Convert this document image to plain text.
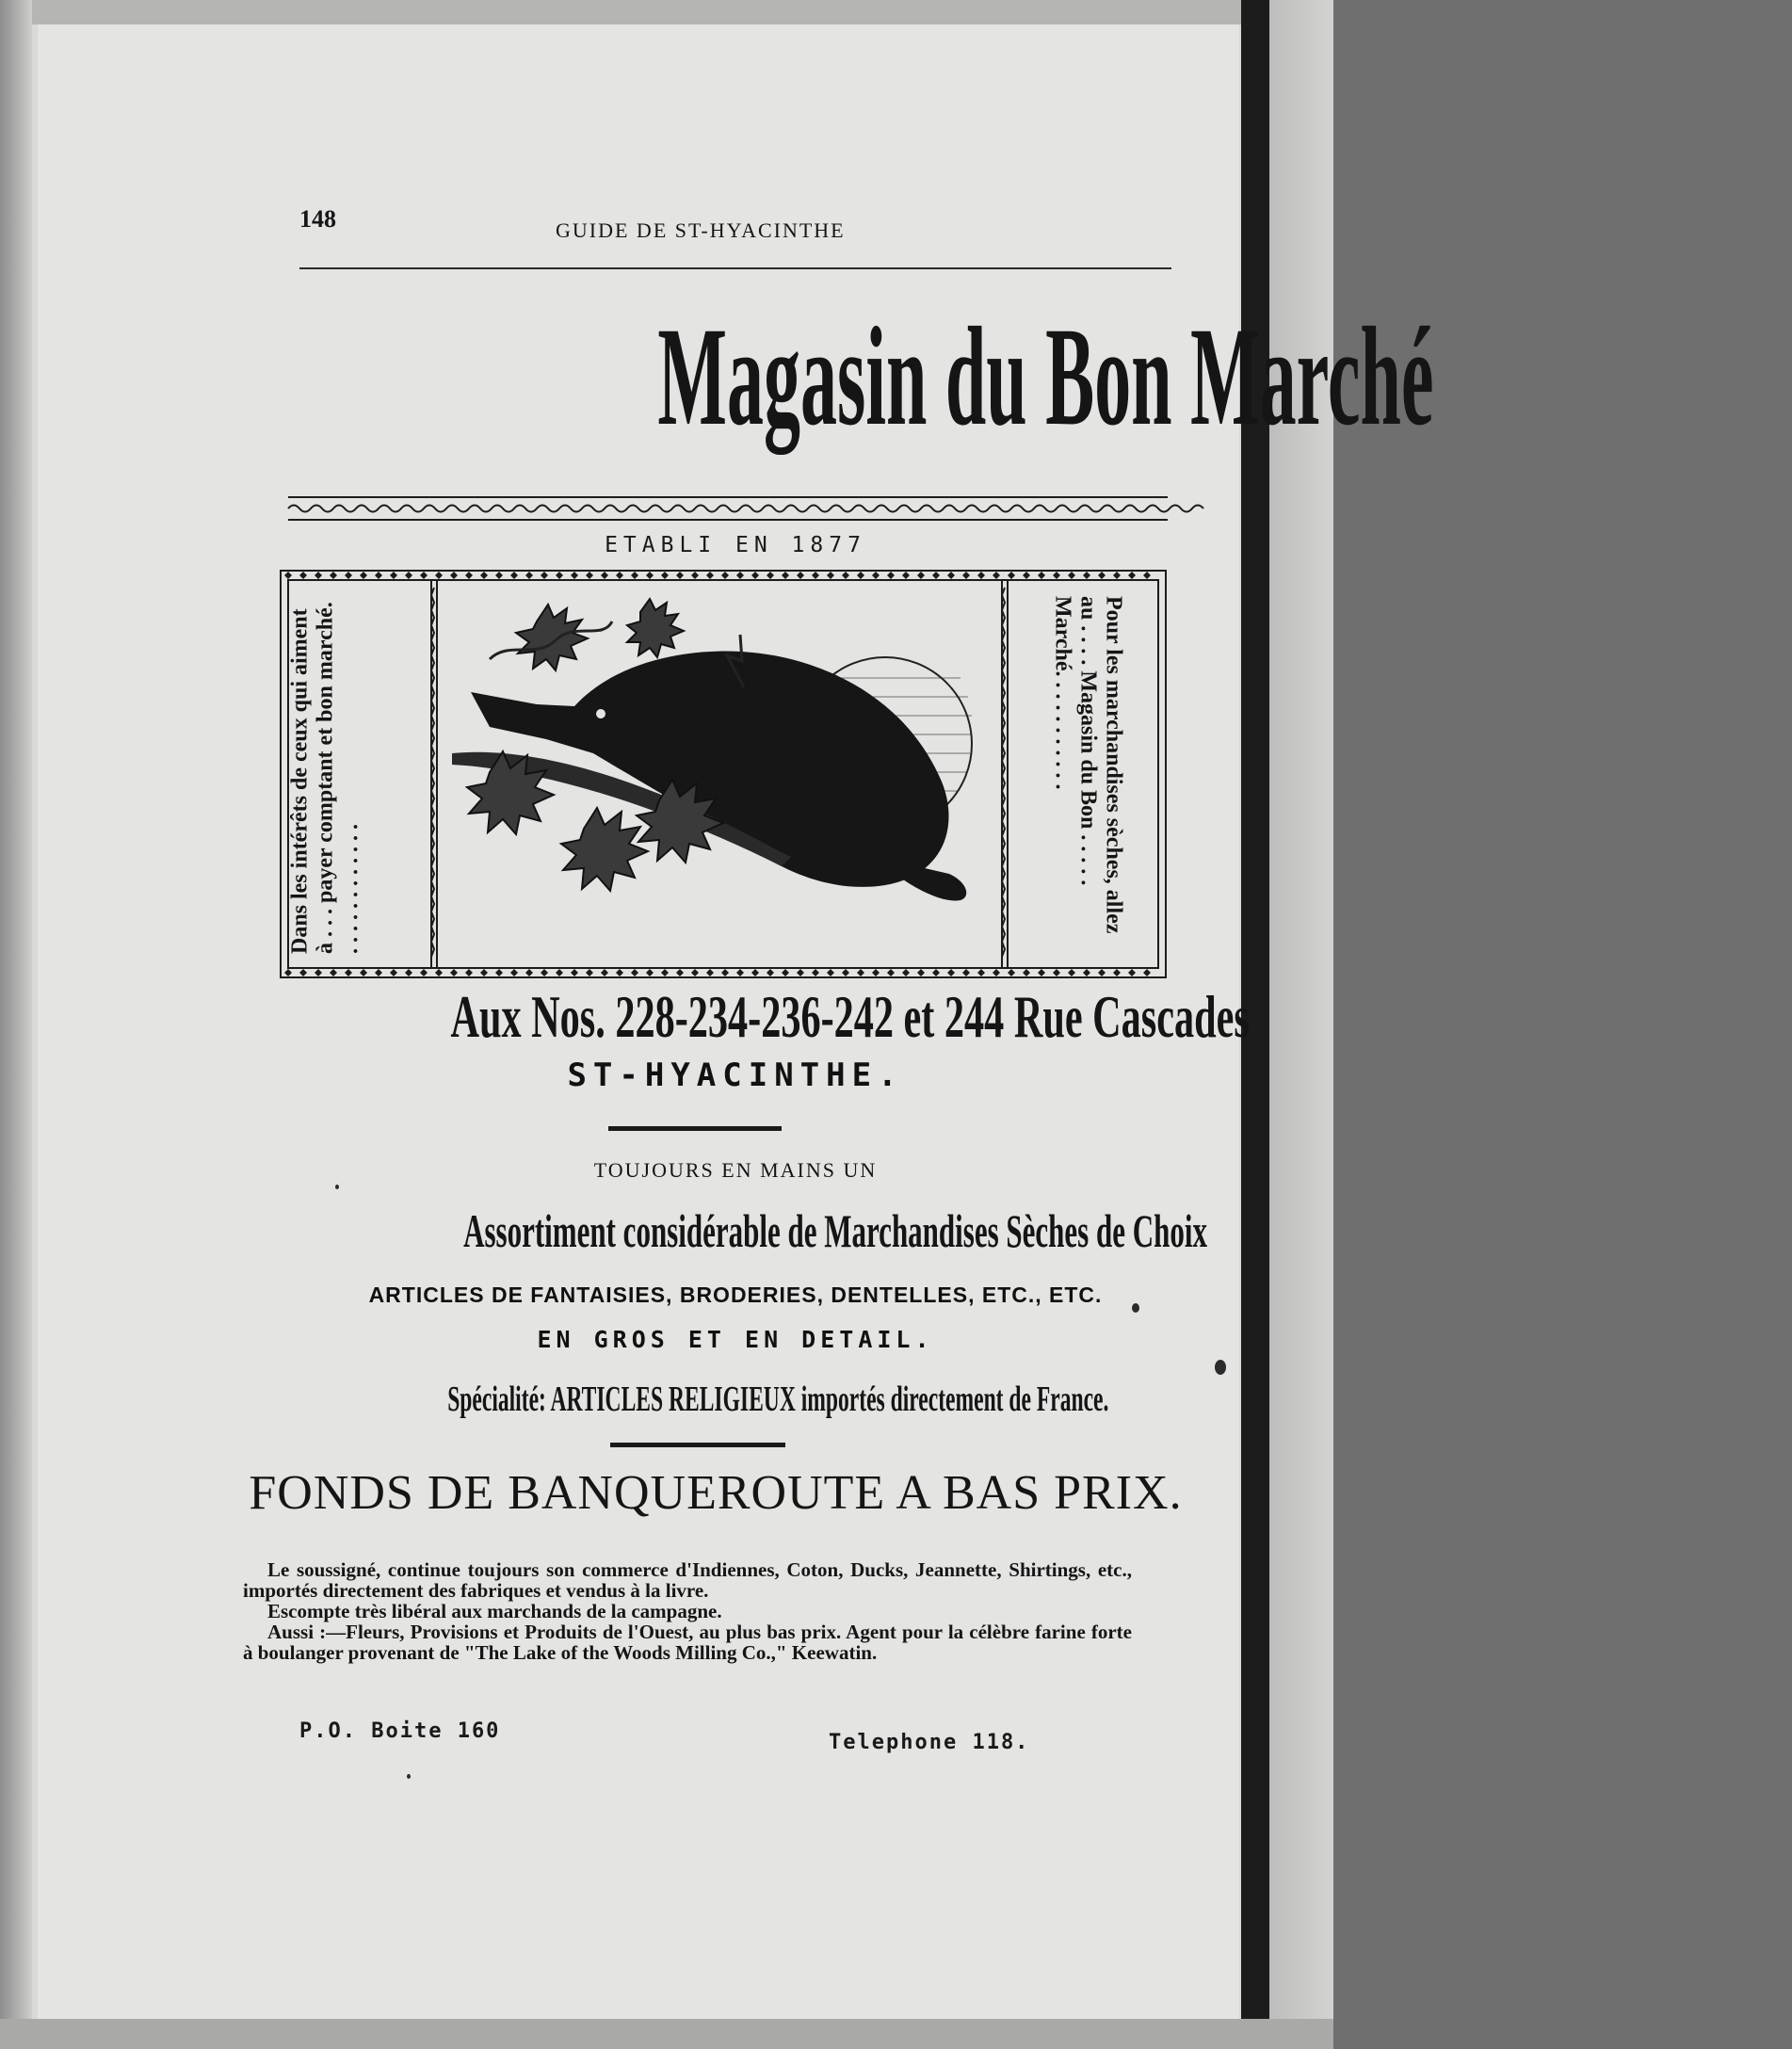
148	GUIDE DE ST-HYACINTHE
Magasin du Bon Marché
ETABLI EN 1877
Dans les intérêts de ceux qui aiment à . . . payer comptant et bon marché. . . . . . . . . . . . .	Pour les marchandises sèches, allez au . . . . Magasin du Bon . . . . . Marché. . . . . . . . . . .
Aux Nos. 228-234-236-242 et 244 Rue Cascades
ST-HYACINTHE.
TOUJOURS EN MAINS UN
Assortiment considérable de Marchandises Sèches de Choix
ARTICLES DE FANTAISIES, BRODERIES, DENTELLES, ETC., ETC.
EN GROS ET EN DETAIL.
Spécialité: ARTICLES RELIGIEUX importés directement de France.
FONDS DE BANQUEROUTE A BAS PRIX.

Le soussigné, continue toujours son commerce d'Indiennes, Coton, Ducks, Jeannette, Shirtings, etc., importés directement des fabriques et vendus à la livre.

Escompte très libéral aux marchands de la campagne.

Aussi :—Fleurs, Provisions et Produits de l'Ouest, au plus bas prix. Agent pour la célèbre farine forte à boulanger provenant de "The Lake of the Woods Milling Co.," Keewatin.

P.O. Boite 160	Telephone 118.
